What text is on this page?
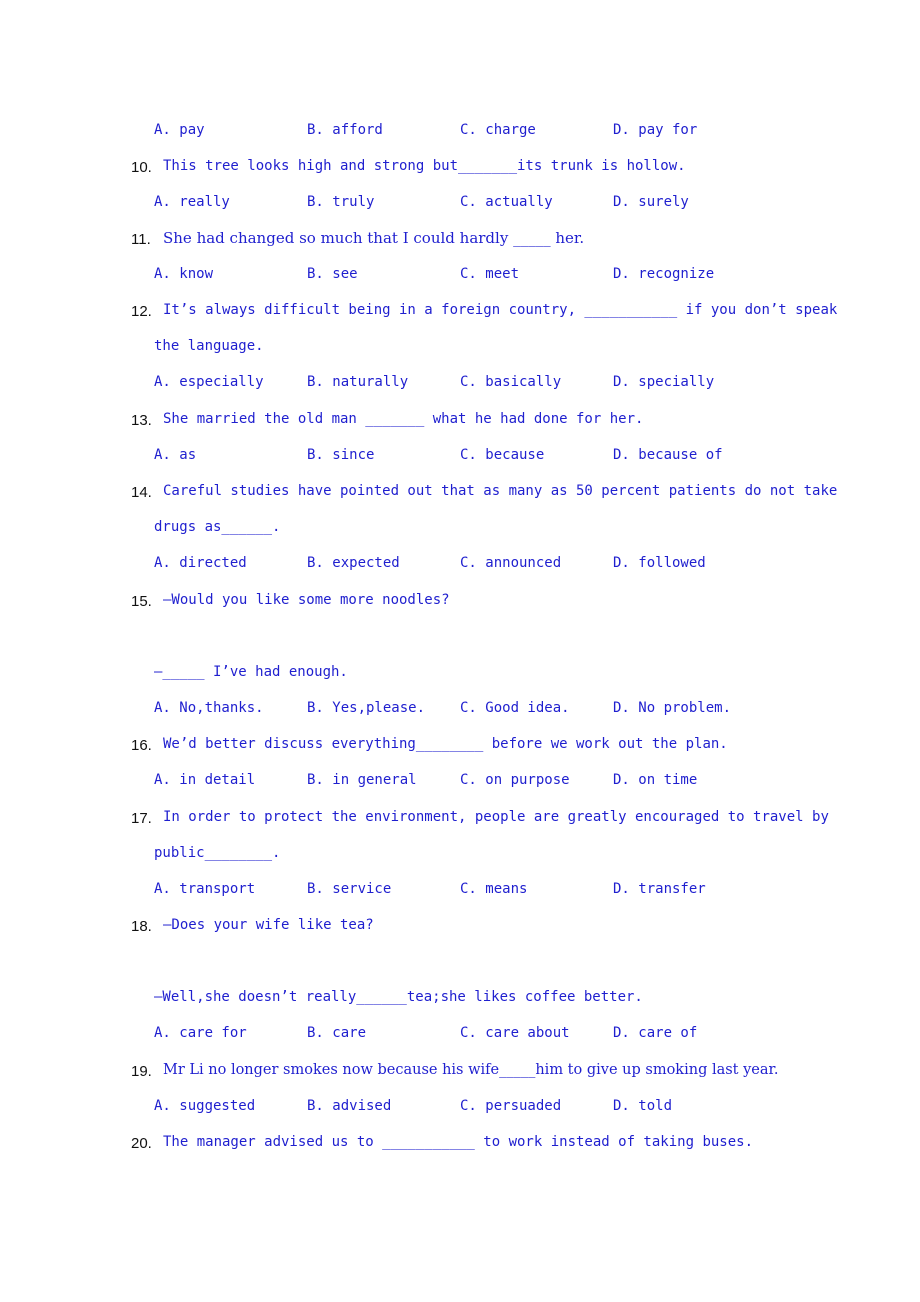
A. pay	B. afford	C. charge	D. pay for
10. This tree looks high and strong but_______its trunk is hollow.
A. really	B. truly	C. actually	D. surely
11. She had changed so much that I could hardly _____ her.
A. know	B. see	C. meet	D. recognize
12. It’s always difficult being in a foreign country, ___________ if you don’t speak
the language.
A. especially	B. naturally	C. basically	D. specially
13. She married the old man _______ what he had done for her.
A. as	B. since	C. because	D. because of
14. Careful studies have pointed out that as many as 50 percent patients do not take
drugs as______.
A. directed	B. expected	C. announced	D. followed
15. —Would you like some more noodles?
—_____ I’ve had enough.
A. No,thanks.	B. Yes,please. C. Good idea.	D. No problem.
16. We’d better discuss everything________ before we work out the plan.
A. in detail	B. in general	C. on purpose	D. on time
17. In order to protect the environment, people are greatly encouraged to travel by
public________.
A. transport	B. service	C. means	D. transfer
18. —Does your wife like tea?
—Well,she doesn’t really______tea;she likes coffee better.
A. care for	B. care	C. care about	D. care of
19. Mr Li no longer smokes now because his wife_____him to give up smoking last year.
A. suggested	B. advised	C. persuaded	D. told
20. The manager advised us to ___________ to work instead of taking buses.
